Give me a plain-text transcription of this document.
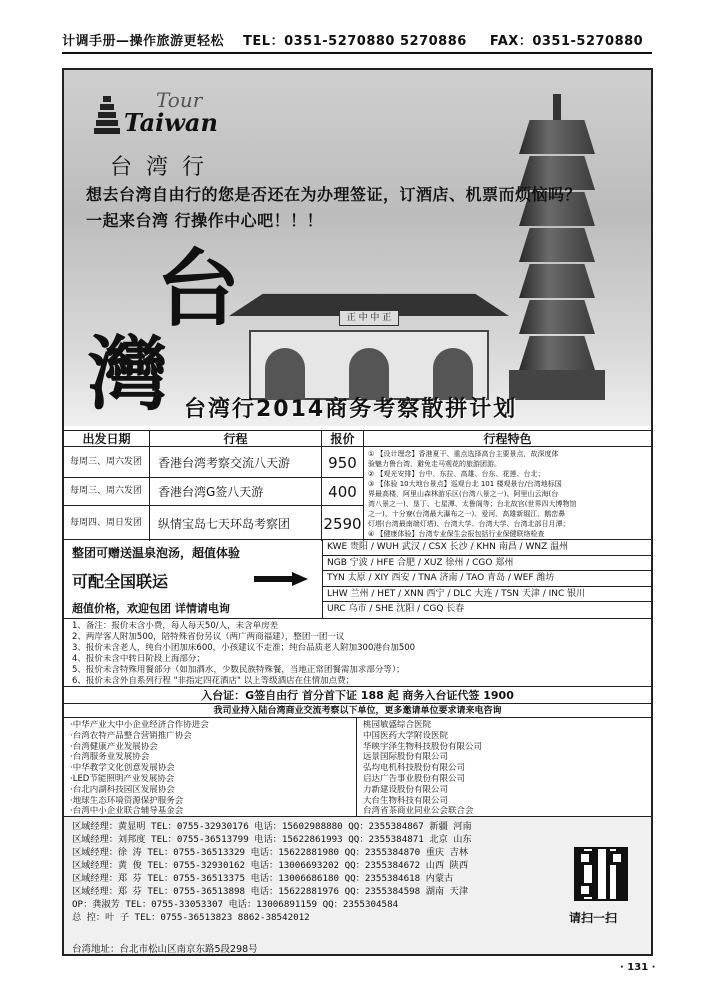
计调手册—操作旅游更轻松 TEL：0351-5270880 5270886 FAX：0351-5270880
正 中 中 正
Tour
Taiwan
台湾行
想去台湾自由行的您是否还在为办理签证，订酒店、机票而烦恼吗？
一起来台湾 行操作中心吧！！！
台
灣 台湾行2014商务考察散拼计划
出发日期
每周三、周六发团
每周三、周六发团
每周四、周日发团
行程
香港台湾考察交流八天游
香港台湾G签八天游
纵情宝岛七天环岛考察团
报价
950
400
2590
行程特色

① 【设计理念】香港夏干、重点选择高台主要景点，故深度体

验魅力鲁台湾，避免走马观花的旅游团游。

② 【观光安排】台中、东拉、高雄、台东、花莲、台北；

③ 【体验 10大地台景点】巡观台北 101 楼观景台/台湾地标国

界最高楼，阿里山森林游乐区(台湾八景之一)、阿里山云海(台

湾八景之一)、垦丁、七星潭、太鲁阁等；台北故宫(世界四大博物馆

之一)、十分寮(台湾最大瀑布之一)、爱河、高雄新堀江、鹅峦鼻

灯塔(台湾最南端灯塔)、台湾大学、台湾大学、台湾北部日月潭；

④ 【健康体验】台湾专业保生会报包括行业保健联络检查

整团可赠送温泉泡汤，超值体验
可配全国联运
超值价格，欢迎包团 详情请电询
KWE 贵阳 / WUH 武汉 / CSX 长沙 / KHN 南昌 / WNZ 温州
NGB 宁波 / HFE 合肥 / XUZ 徐州 / CGO 郑州
TYN 太原 / XIY 西安 / TNA 济南 / TAO 青岛 / WEF 潍坊
LHW 兰州 / HET / XNN 西宁 / DLC 大连 / TSN 天津 / INC 银川
URC 乌市 / SHE 沈阳 / CGQ 长春
1、备注：报价未含小费，每人每天50/人，未含单房差
2、两岸客人附加500，陪特殊省份另议（两广两商福建），整团一团一议
3、报价未含老人，纯台小团加床600，小孩建议不走准；纯台品质老人附加300港台加500
4、报价未含中转日阶段上海部分；
5、报价未含特殊用餐部分（如加酒水，少数民族特殊餐，当地正常团餐需加求部分等）；
6、报价未含外自系列行程 "非指定四花酒店" 以上等级酒店在住情加点费；
入台证：G签自由行 首分首下证 188 起 商务入台证代签 1900
我司业持入陆台湾商业交流考察以下单位，更多邀请单位要求请来电咨询
·中华产业大中小企业经济合作协进会
·台湾农特产品整合营销推广协会
·台湾健康产业发展协会
·台湾服务业发展协会
·中华教学文化创意发展协会
·LED节能照明产业发展协会
·台北内湖科技园区发展协会
·地球生态环境资源保护服务会
·台湾中小企业联合辅导基金会
桃园敏盛综合医院
中国医药大学附设医院
华映宇泽生物科技股份有限公司
远景国际股份有限公司
弘均电机科技股份有限公司
启达广告事业股份有限公司
力新建设股份有限公司
大台生物科技有限公司
台湾省茶商业同业公会联合会
区域经理：黄显明 TEL：0755-32930176 电话：15602988880 QQ：2355384867 新疆 河南
区域经理：刘邦度 TEL：0755-36513799 电话：15622861993 QQ：2355384871 北京 山东
区域经理：徐 涛 TEL：0755-36513329 电话：15622881980 QQ：2355384870 重庆 吉林
区域经理：黄 俊 TEL：0755-32930162 电话：13006693202 QQ：2355384672 山西 陕西
区域经理：郑 芬 TEL：0755-36513375 电话：13006686180 QQ：2355384618 内蒙古
区域经理：郑 芬 TEL：0755-36513898 电话：15622881976 QQ：2355384598 湖南 天津
OP：龚淑芳 TEL：0755-33053307 电话：13006891159 QQ：2355304584
总 控：叶 子 TEL：0755-36513823 8862-38542012
台湾地址：台北市松山区南京东路5段298号
请扫一扫
· 131 ·
